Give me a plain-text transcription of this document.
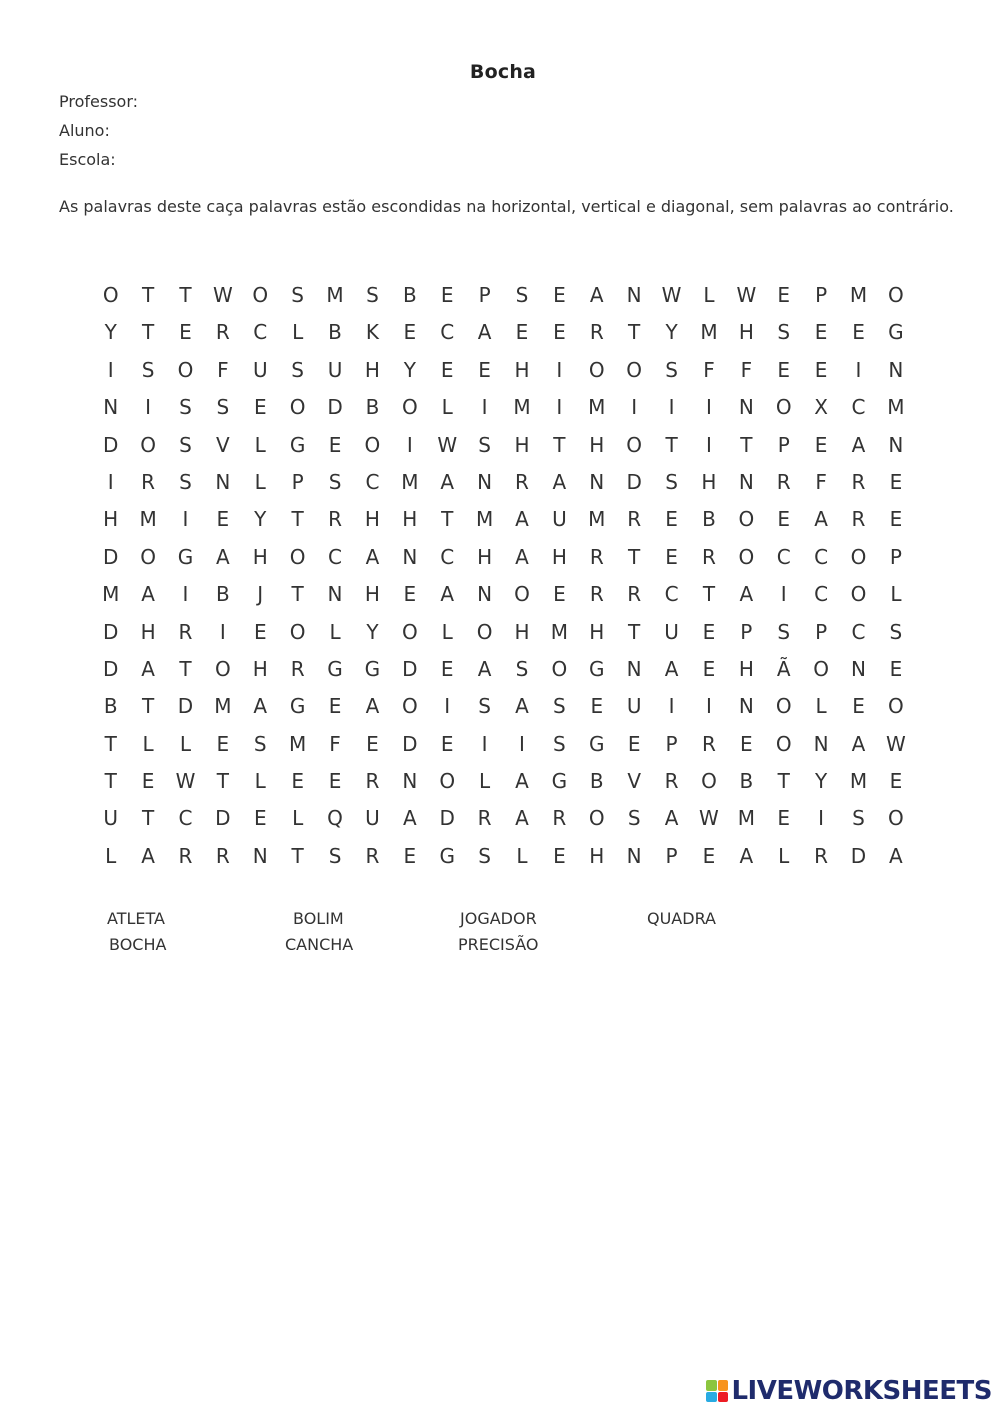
Bocha
Professor:
Aluno:
Escola:
As palavras deste caça palavras estão escondidas na horizontal, vertical e diagonal, sem palavras ao contrário.
O	T	T	W O	S	M	S	B	E	P	S	E	A	N	W	L	W	E	P	M	O
Y	T	E	R	C	L	B	K	E	C	A	E	E	R	T	Y	M	H	S	E	E	G
I	S	O	F	U	S	U	H	Y	E	E	H	I	O	O	S	F	F	E	E	I	N
N	I	S	S	E	O	D	B	O	L	I	M	I	M	I	I	I	N	O	X	C	M
D	O	S	V	L	G	E	O	I	W	S	H	T	H	O	T	I	T	P	E	A	N
I	R	S	N	L	P	S	C	M	A	N	R	A	N	D	S	H	N	R	F	R	E
H	M	I	E	Y	T	R	H	H	T	M	A	U	M	R	E	B	O	E	A	R	E
D	O	G	A	H	O	C	A	N	C	H	A	H	R	T	E	R	O	C	C	O	P
M	A	I	B	J	T	N	H	E	A	N	O	E	R	R	C	T	A	I	C	O	L
D	H	R	I	E	O	L	Y	O	L	O	H	M	H	T	U	E	P	S	P	C	S
D	A	T	O	H	R	G	G	D	E	A	S	O	G	N	A	E	H	Ã	O	N	E
B	T	D	M	A	G	E	A	O	I	S	A	S	E	U	I	I	N	O	L	E	O
T	L	L	E	S	M	F	E	D	E	I	I	S	G	E	P	R	E	O	N	A	W
T	E	W	T	L	E	E	R	N	O	L	A	G	B	V	R	O	B	T	Y	M	E
U	T	C	D	E	L	Q	U	A	D	R	A	R	O	S	A	W M	E	I	S	O
L	A	R	R	N	T	S	R	E	G	S	L	E	H	N	P	E	A	L	R	D	A
ATLETA	BOLIM	JOGADOR	QUADRA
BOCHA	CANCHA	PRECISÃO
LIVEWORKSHEETS
